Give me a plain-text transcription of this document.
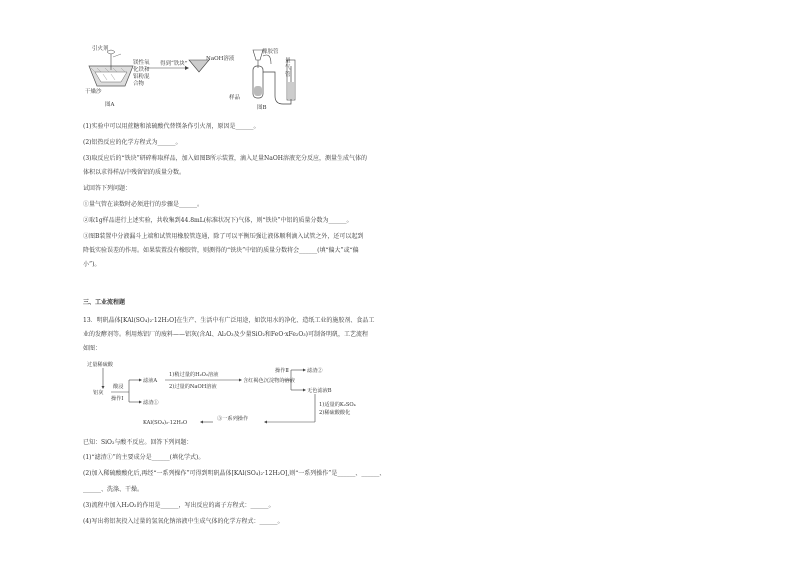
引火剂
镁性氧
化铁和
铝粉混
合物
干燥沙
得到“铁块”
图A
NaOH溶液
橡胶管
量
气
管
样品
图B
(1)实验中可以用蔗糖和浓硫酸代替镁条作引火剂，原因是______。
(2)铝热反应的化学方程式为______。
(3)取反应后的“铁块”研碎称取样品，加入如图B所示装置，滴入足量NaOH溶液充分反应，测量生成气体的
体积以求得样品中残留铝的质量分数。
试回答下列问题：
①量气管在读数时必须进行的步骤是______。
②取1g样品进行上述实验，共收集到44.8mL(标准状况下)气体，则“铁块”中铝的质量分数为______。
③图B装置中分液漏斗上端和试管用橡胶管连通，除了可以平衡压强让液体顺利滴入试管之外，还可以起到
降低实验误差的作用。如果装置没有橡胶管，则测得的“铁块”中铝的质量分数将会______(填“偏大”或“偏
小”)。
三、工业流程题
13．明矾晶体[KAl(SO₄)₂·12H₂O]在生产、生活中有广泛用途，如饮用水的净化、造纸工业的施胶剂、食品工
业的发酵剂等。利用炼铝厂的废料——铝灰(含Al、Al₂O₃及少量SiO₂和FeO·xFe₂O₃)可制备明矾，工艺流程
如图：
过量稀硫酸
铝灰
酸浸
操作Ⅰ
滤液A
滤渣①
1)稍过量的H₂O₂溶液
2)过量的NaOH溶液
含红褐色沉淀物的溶液
操作Ⅱ	滤渣②
无色滤液B
1)适量的K₂SO₄
2)稀硫酸酸化
③一系列操作
KAl(SO₄)₂·12H₂O
已知：SiO₂与酸不反应。回答下列问题：
(1)“滤渣①”的主要成分是______(填化学式)。
(2)加入稀硫酸酸化后,再经“一系列操作”可得到明矾晶体[KAl(SO₄)₂·12H₂O],则“一系列操作”是______、______、
______、洗涤、干燥。
(3)流程中加入H₂O₂的作用是______，写出反应的离子方程式：______。
(4)写出将铝灰投入过量的氢氧化钠溶液中生成气体的化学方程式：______。
